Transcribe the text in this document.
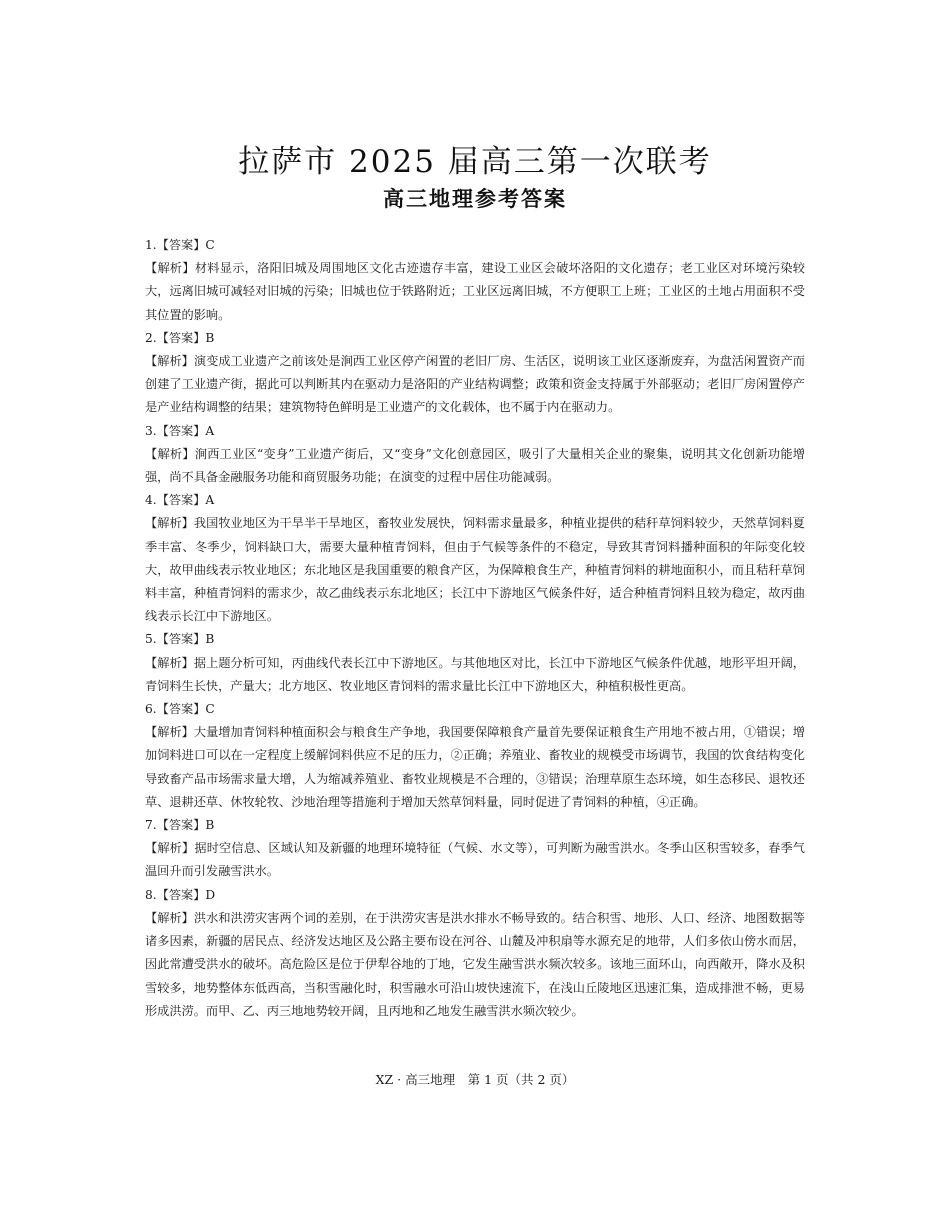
拉萨市 2025 届高三第一次联考
高三地理参考答案

1.【答案】C

【解析】材料显示，洛阳旧城及周围地区文化古迹遗存丰富，建设工业区会破坏洛阳的文化遗存；老工业区对环境污染较大，远离旧城可减轻对旧城的污染；旧城也位于铁路附近；工业区远离旧城，不方便职工上班；工业区的土地占用面积不受其位置的影响。

2.【答案】B

【解析】演变成工业遗产之前该处是涧西工业区停产闲置的老旧厂房、生活区，说明该工业区逐渐废弃，为盘活闲置资产而创建了工业遗产街，据此可以判断其内在驱动力是洛阳的产业结构调整；政策和资金支持属于外部驱动；老旧厂房闲置停产是产业结构调整的结果；建筑物特色鲜明是工业遗产的文化载体，也不属于内在驱动力。

3.【答案】A

【解析】涧西工业区“变身”工业遗产街后，又“变身”文化创意园区，吸引了大量相关企业的聚集，说明其文化创新功能增强，尚不具备金融服务功能和商贸服务功能；在演变的过程中居住功能减弱。

4.【答案】A

【解析】我国牧业地区为干旱半干旱地区，畜牧业发展快，饲料需求量最多，种植业提供的秸秆草饲料较少，天然草饲料夏季丰富、冬季少，饲料缺口大，需要大量种植青饲料，但由于气候等条件的不稳定，导致其青饲料播种面积的年际变化较大，故甲曲线表示牧业地区；东北地区是我国重要的粮食产区，为保障粮食生产，种植青饲料的耕地面积小，而且秸秆草饲料丰富，种植青饲料的需求少，故乙曲线表示东北地区；长江中下游地区气候条件好，适合种植青饲料且较为稳定，故丙曲线表示长江中下游地区。

5.【答案】B

【解析】据上题分析可知，丙曲线代表长江中下游地区。与其他地区对比，长江中下游地区气候条件优越，地形平坦开阔，青饲料生长快，产量大；北方地区、牧业地区青饲料的需求量比长江中下游地区大，种植积极性更高。

6.【答案】C

【解析】大量增加青饲料种植面积会与粮食生产争地，我国要保障粮食产量首先要保证粮食生产用地不被占用，①错误；增加饲料进口可以在一定程度上缓解饲料供应不足的压力，②正确；养殖业、畜牧业的规模受市场调节，我国的饮食结构变化导致畜产品市场需求量大增，人为缩减养殖业、畜牧业规模是不合理的，③错误；治理草原生态环境，如生态移民、退牧还草、退耕还草、休牧轮牧、沙地治理等措施利于增加天然草饲料量，同时促进了青饲料的种植，④正确。

7.【答案】B

【解析】据时空信息、区域认知及新疆的地理环境特征（气候、水文等），可判断为融雪洪水。冬季山区积雪较多，春季气温回升而引发融雪洪水。

8.【答案】D

【解析】洪水和洪涝灾害两个词的差别，在于洪涝灾害是洪水排水不畅导致的。结合积雪、地形、人口、经济、地图数据等诸多因素，新疆的居民点、经济发达地区及公路主要布设在河谷、山麓及冲积扇等水源充足的地带，人们多依山傍水而居，因此常遭受洪水的破坏。高危险区是位于伊犁谷地的丁地，它发生融雪洪水频次较多。该地三面环山，向西敞开，降水及积雪较多，地势整体东低西高，当积雪融化时，积雪融水可沿山坡快速流下，在浅山丘陵地区迅速汇集，造成排泄不畅，更易形成洪涝。而甲、乙、丙三地地势较开阔，且丙地和乙地发生融雪洪水频次较少。

XZ · 高三地理　第 1 页（共 2 页）
